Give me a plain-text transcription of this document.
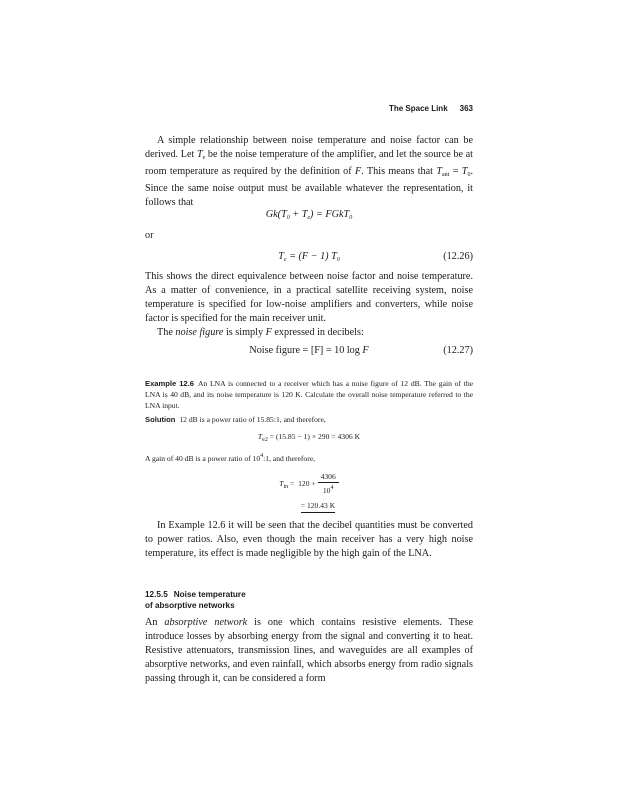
The Space Link 363

A simple relationship between noise temperature and noise factor can be derived. Let $T_e$ be the noise temperature of the amplifier, and let the source be at room temperature as required by the definition of F. This means that $T_{ant} = T_0$. Since the same noise output must be available whatever the representation, it follows that

$Gk(T_0 + T_e)$ = FGkT$_0$

or

$T_e = (F - 1)$ $T_0$	(12.26)

This shows the direct equivalence between noise factor and noise temperature. As a matter of convenience, in a practical satellite receiving system, noise temperature is specified for low-noise amplifiers and converters, while noise factor is specified for the main receiver unit.

The noise figure is simply F expressed in decibels:

Noise figure = [F] = 10 log F	(12.27)

Example 12.6 An LNA is connected to a receiver which has a noise figure of 12 dB. The gain of the LNA is 40 dB, and its noise temperature is 120 K. Calculate the overall noise temperature referred to the LNA input.

Solution 12 dB is a power ratio of 15.85:1, and therefore,

$T_{e2} = (15.85 - 1) \times 290 = 4306$ K

A gain of 40 dB is a power ratio of $10^4:1$, and therefore,

$T_{in} = 120 + \frac{4306}{10^4}$
= 120.43 K

In Example 12.6 it will be seen that the decibel quantities must be converted to power ratios. Also, even though the main receiver has a very high noise temperature, its effect is made negligible by the high gain of the LNA.

12.5.5 Noise temperature
of absorptive networks

An absorptive network is one which contains resistive elements. These introduce losses by absorbing energy from the signal and converting it to heat. Resistive attenuators, transmission lines, and waveguides are all examples of absorptive networks, and even rainfall, which absorbs energy from radio signals passing through it, can be considered a form
